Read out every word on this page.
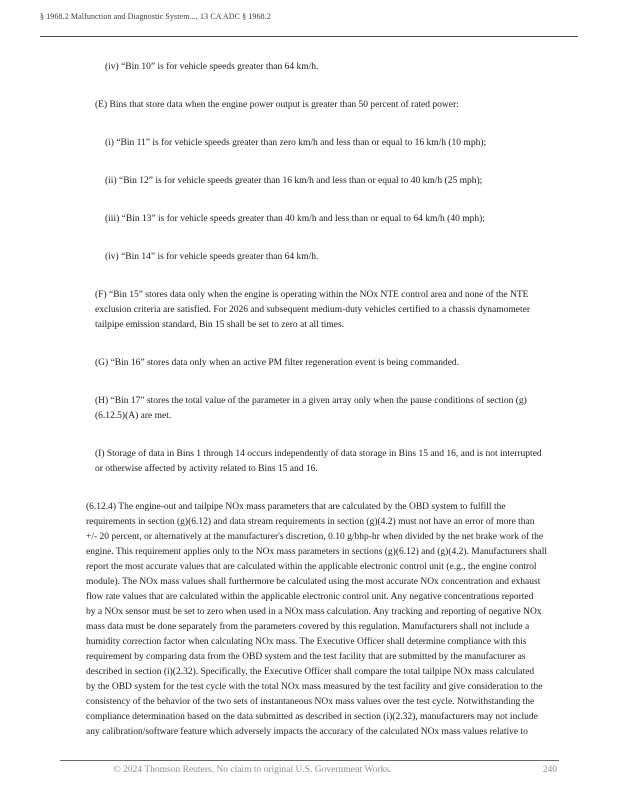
§ 1968.2 Malfunction and Diagnostic System..., 13 CA ADC § 1968.2
(iv) “Bin 10” is for vehicle speeds greater than 64 km/h.
(E) Bins that store data when the engine power output is greater than 50 percent of rated power:
(i) “Bin 11” is for vehicle speeds greater than zero km/h and less than or equal to 16 km/h (10 mph);
(ii) “Bin 12” is for vehicle speeds greater than 16 km/h and less than or equal to 40 km/h (25 mph);
(iii) “Bin 13” is for vehicle speeds greater than 40 km/h and less than or equal to 64 km/h (40 mph);
(iv) “Bin 14” is for vehicle speeds greater than 64 km/h.
(F) “Bin 15” stores data only when the engine is operating within the NOx NTE control area and none of the NTE
exclusion criteria are satisfied. For 2026 and subsequent medium-duty vehicles certified to a chassis dynamometer
tailpipe emission standard, Bin 15 shall be set to zero at all times.
(G) “Bin 16” stores data only when an active PM filter regeneration event is being commanded.
(H) “Bin 17” stores the total value of the parameter in a given array only when the pause conditions of section (g)
(6.12.5)(A) are met.
(I) Storage of data in Bins 1 through 14 occurs independently of data storage in Bins 15 and 16, and is not interrupted
or otherwise affected by activity related to Bins 15 and 16.
(6.12.4) The engine-out and tailpipe NOx mass parameters that are calculated by the OBD system to fulfill the
requirements in section (g)(6.12) and data stream requirements in section (g)(4.2) must not have an error of more than
+/- 20 percent, or alternatively at the manufacturer's discretion, 0.10 g/bhp-hr when divided by the net brake work of the
engine. This requirement applies only to the NOx mass parameters in sections (g)(6.12) and (g)(4.2). Manufacturers shall
report the most accurate values that are calculated within the applicable electronic control unit (e.g., the engine control
module). The NOx mass values shall furthermore be calculated using the most accurate NOx concentration and exhaust
flow rate values that are calculated within the applicable electronic control unit. Any negative concentrations reported
by a NOx sensor must be set to zero when used in a NOx mass calculation. Any tracking and reporting of negative NOx
mass data must be done separately from the parameters covered by this regulation. Manufacturers shall not include a
humidity correction factor when calculating NOx mass. The Executive Officer shall determine compliance with this
requirement by comparing data from the OBD system and the test facility that are submitted by the manufacturer as
described in section (i)(2.32). Specifically, the Executive Officer shall compare the total tailpipe NOx mass calculated
by the OBD system for the test cycle with the total NOx mass measured by the test facility and give consideration to the
consistency of the behavior of the two sets of instantaneous NOx mass values over the test cycle. Notwithstanding the
compliance determination based on the data submitted as described in section (i)(2.32), manufacturers may not include
any calibration/software feature which adversely impacts the accuracy of the calculated NOx mass values relative to
© 2024 Thomson Reuters. No claim to original U.S. Government Works.	240
